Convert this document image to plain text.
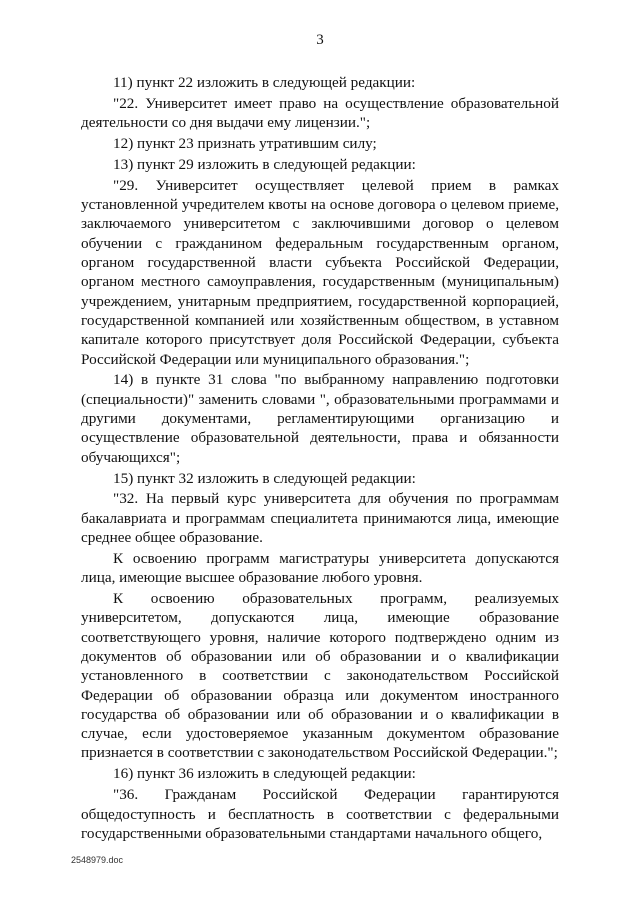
3

11) пункт 22 изложить в следующей редакции:

"22. Университет имеет право на осуществление образовательной деятельности со дня выдачи ему лицензии.";

12) пункт 23 признать утратившим силу;

13) пункт 29 изложить в следующей редакции:

"29. Университет осуществляет целевой прием в рамках установленной учредителем квоты на основе договора о целевом приеме, заключаемого университетом с заключившими договор о целевом обучении с гражданином федеральным государственным органом, органом государственной власти субъекта Российской Федерации, органом местного самоуправления, государственным (муниципальным) учреждением, унитарным предприятием, государственной корпорацией, государственной компанией или хозяйственным обществом, в уставном капитале которого присутствует доля Российской Федерации, субъекта Российской Федерации или муниципального образования.";

14) в пункте 31 слова "по выбранному направлению подготовки (специальности)" заменить словами ", образовательными программами и другими документами, регламентирующими организацию и осуществление образовательной деятельности, права и обязанности обучающихся";

15) пункт 32 изложить в следующей редакции:

"32. На первый курс университета для обучения по программам бакалавриата и программам специалитета принимаются лица, имеющие среднее общее образование.

К освоению программ магистратуры университета допускаются лица, имеющие высшее образование любого уровня.

К освоению образовательных программ, реализуемых университетом, допускаются лица, имеющие образование соответствующего уровня, наличие которого подтверждено одним из документов об образовании или об образовании и о квалификации установленного в соответствии с законодательством Российской Федерации об образовании образца или документом иностранного государства об образовании или об образовании и о квалификации в случае, если удостоверяемое указанным документом образование признается в соответствии с законодательством Российской Федерации.";

16) пункт 36 изложить в следующей редакции:

"36. Гражданам Российской Федерации гарантируются общедоступность и бесплатность в соответствии с федеральными государственными образовательными стандартами начального общего,

2548979.doc
